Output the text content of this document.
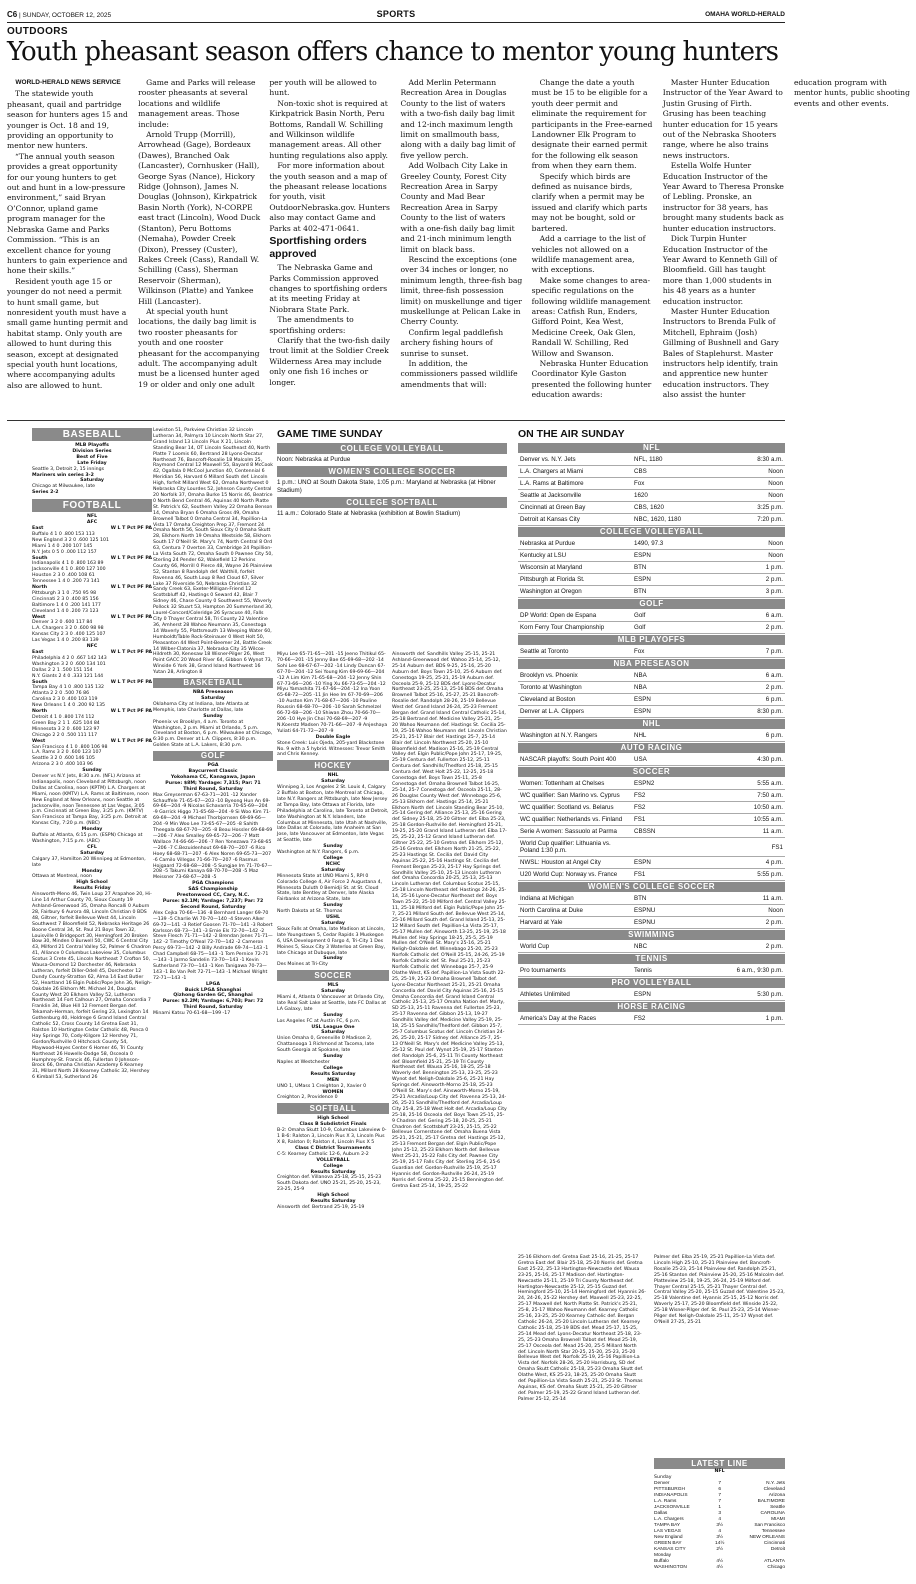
C6 | SUNDAY, OCTOBER 12, 2025	SPORTS	OMAHA WORLD-HERALD
OUTDOORS
Youth pheasant season offers chance to mentor young hunters

WORLD-HERALD NEWS SERVICE

The statewide youth pheasant, quail and partridge season for hunters ages 15 and younger is Oct. 18 and 19, providing an opportunity to mentor new hunters.

“The annual youth season provides a great opportunity for our young hunters to get out and hunt in a low-pressure environment,” said Bryan O’Connor, upland game program manager for the Nebraska Game and Parks Commission. “This is an excellent chance for young hunters to gain experience and hone their skills.”

Resident youth age 15 or younger do not need a permit to hunt small game, but nonresident youth must have a small game hunting permit and habitat stamp. Only youth are allowed to hunt during this season, except at designated special youth hunt locations, where accompanying adults also are allowed to hunt.

Game and Parks will release rooster pheasants at several locations and wildlife management areas. Those include:

Arnold Trupp (Morrill), Arrowhead (Gage), Bordeaux (Dawes), Branched Oak (Lancaster), Cornhusker (Hall), George Syas (Nance), Hickory Ridge (Johnson), James N. Douglas (Johnson), Kirkpatrick Basin North (York), N-CORPE east tract (Lincoln), Wood Duck (Stanton), Peru Bottoms (Nemaha), Powder Creek (Dixon), Pressey (Custer), Rakes Creek (Cass), Randall W. Schilling (Cass), Sherman Reservoir (Sherman), Wilkinson (Platte) and Yankee Hill (Lancaster).

At special youth hunt locations, the daily bag limit is two rooster pheasants for youth and one rooster pheasant for the accompanying adult. The accompanying adult must be a licensed hunter aged 19 or older and only one adult per youth will be allowed to hunt.

Non-toxic shot is required at Kirkpatrick Basin North, Peru Bottoms, Randall W. Schilling and Wilkinson wildlife management areas. All other hunting regulations also apply.

For more information about the youth season and a map of the pheasant release locations for youth, visit OutdoorNebraska.gov. Hunters also may contact Game and Parks at 402-471-0641.

Sportfishing orders approved

The Nebraska Game and Parks Commission approved changes to sportfishing orders at its meeting Friday at Niobrara State Park.

The amendments to sportfishing orders:

Clarify that the two-fish daily trout limit at the Soldier Creek Wilderness Area may include only one fish 16 inches or longer.

Add Merlin Petermann Recreation Area in Douglas County to the list of waters with a two-fish daily bag limit and 12-inch maximum length limit on smallmouth bass, along with a daily bag limit of five yellow perch.

Add Wolbach City Lake in Greeley County, Forest City Recreation Area in Sarpy County and Mad Bear Recreation Area in Sarpy County to the list of waters with a one-fish daily bag limit and 21-inch minimum length limit on black bass.

Rescind the exceptions (one over 34 inches or longer, no minimum length, three-fish bag limit, three-fish possession limit) on muskellunge and tiger muskellunge at Pelican Lake in Cherry County.

Confirm legal paddlefish archery fishing hours of sunrise to sunset.

In addition, the commissioners passed wildlife amendments that will:

Change the date a youth must be 15 to be eligible for a youth deer permit and eliminate the requirement for participants in the Free-earned Landowner Elk Program to designate their earned permit for the following elk season from when they earn them.

Specify which birds are defined as nuisance birds, clarify when a permit may be issued and clarify which parts may not be bought, sold or bartered.

Add a carriage to the list of vehicles not allowed on a wildlife management area, with exceptions.

Make some changes to area-specific regulations on the following wildlife management areas: Catfish Run, Enders, Gifford Point, Kea West, Medicine Creek, Oak Glen, Randall W. Schilling, Red Willow and Swanson.

Nebraska Hunter Education Coordinator Kyle Gaston presented the following hunter education awards:

Master Hunter Education Instructor of the Year Award to Justin Grusing of Firth. Grusing has been teaching hunter education for 15 years out of the Nebraska Shooters range, where he also trains news instructors.

Estella Wolfe Hunter Education Instructor of the Year Award to Theresa Pronske of Lebling. Pronske, an instructor for 38 years, has brought many students back as hunter education instructors.

Dick Turpin Hunter Education Instructor of the Year Award to Kenneth Gill of Bloomfield. Gill has taught more than 1,000 students in his 48 years as a hunter education instructor.

Master Hunter Education Instructors to Brenda Fulk of Mitchell, Ephraim (Josh) Gillming of Bushnell and Gary Bales of Staplehurst. Master instructors help identify, train and apprentice new hunter education instructors. They also assist the hunter education program with mentor hunts, public shooting events and other events.

BASEBALL
MLB Playoffs
Division Series
Best of Five
Late Friday
Seattle 3, Detroit 2, 15 innings
Mariners win series 3-2
Saturday
Chicago at Milwaukee, late
Series 2-2
FOOTBALL
NFL
AFC
East	W L T Pct PF PA
Buffalo 4 1 0 .800 153 113
New England 3 2 0 .600 125 101
Miami 1 4 0 .200 107 145
N.Y. Jets 0 5 0 .000 112 157
South	W L T Pct PF PA
Indianapolis 4 1 0 .800 163 89
Jacksonville 4 1 0 .800 127 100
Houston 2 3 0 .400 108 61
Tennessee 1 4 0 .200 73 141
North	W L T Pct PF PA
Pittsburgh 3 1 0 .750 95 98
Cincinnati 2 3 0 .400 85 156
Baltimore 1 4 0 .200 141 177
Cleveland 1 4 0 .200 73 123
West	W L T Pct PF PA
Denver 3 2 0 .600 117 84
L.A. Chargers 3 2 0 .600 98 98
Kansas City 2 3 0 .400 125 107
Las Vegas 1 4 0 .200 83 139
NFC
East	W L T Pct PF PA
Philadelphia 4 2 0 .667 142 143
Washington 3 2 0 .600 134 101
Dallas 2 2 1 .500 151 154
N.Y. Giants 2 4 0 .333 121 144
South	W L T Pct PF PA
Tampa Bay 4 1 0 .800 135 132
Atlanta 2 2 0 .500 76 86
Carolina 2 3 0 .400 103 119
New Orleans 1 4 0 .200 92 135
North	W L T Pct PF PA
Detroit 4 1 0 .800 174 112
Green Bay 2 1 1 .625 104 84
Minnesota 3 2 0 .600 123 97
Chicago 2 2 0 .500 111 117
West	W L T Pct PF PA
San Francisco 4 1 0 .800 106 98
L.A. Rams 3 2 0 .600 123 107
Seattle 3 2 0 .600 146 105
Arizona 2 3 0 .400 103 96
Sunday
Denver vs N.Y. Jets, 8:30 a.m. (NFL) Arizona at Indianapolis, noon Cleveland at Pittsburgh, noon Dallas at Carolina, noon (KPTM) L.A. Chargers at Miami, noon (KMTV) L.A. Rams at Baltimore, noon New England at New Orleans, noon Seattle at Jacksonville, noon Tennessee at Las Vegas, 3:05 p.m. Cincinnati at Green Bay, 3:25 p.m. (KMTV) San Francisco at Tampa Bay, 3:25 p.m. Detroit at Kansas City, 7:20 p.m. (NBC)
Monday
Buffalo at Atlanta, 6:15 p.m. (ESPN) Chicago at Washington, 7:15 p.m. (ABC)
CFL
Saturday
Calgary 37, Hamilton 20 Winnipeg at Edmonton, late
Monday
Ottawa at Montreal, noon
High School
Results Friday
Ainsworth-Meno 46, Twin Loup 27 Arapahoe 20, Hi-Line 14 Arthur County 70, Sioux County 19 Ashland-Greenwood 35, Omaha Roncalli 0 Auburn 28, Fairbury 6 Aurora 48, Lincoln Christian 0 BDS 48, Giltner, forfeit Bellevue West 44, Lincoln Southwest 7 Bloomfield 52, Nebraska Heritage 26 Boone Central 34, St. Paul 21 Boys Town 32, Louisville 0 Bridgeport 30, Hemingford 20 Broken Bow 30, Minden 0 Burwell 50, CWC 6 Central City 43, Milford 21 Central Valley 52, Palmer 6 Chadron 41, Alliance 0 Columbus Lakeview 35, Columbus Scotus 3 Crete 45, Lincoln Northeast 7 Crofton 50, Wausa-Osmond 12 Dorchester 46, Nebraska Lutheran, forfeit Diller-Odell 45, Dorchester 12 Dundy County-Stratton 62, Alma 14 East Butler 52, Heartland 16 Elgin Public/Pope John 36, Neligh-Oakdale 26 Elkhorn Mt. Michael 24, Douglas County West 20 Elkhorn Valley 52, Lutheran Northeast 14 Fort Calhoun 27, Omaha Concordia 7 Franklin 34, Blue Hill 12 Fremont Bergan def. Tekamah-Herman, forfeit Gering 23, Lexington 14 Gothenburg 40, Holdrege 6 Grand Island Central Catholic 52, Cross County 14 Gretna East 31, Ralston 10 Hartington Cedar Catholic 48, Ponca 0 Hay Springs 70, Cody-Kilgore 12 Hershey 71, Gordon/Rushville 0 Hitchcock County 54, Maywood-Hayes Center 6 Homer 46, Tri County Northeast 26 Howells-Dodge 58, Osceola 0 Humphrey-St. Francis 46, Fullerton 0 Johnson-Brock 66, Omaha Christian Academy 6 Kearney 31, Millard North 28 Kearney Catholic 32, Hershey 6 Kimball 53, Sutherland 26
Lewiston 51, Parkview Christian 32 Lincoln Lutheran 34, Palmyra 10 Lincoln North Star 27, Grand Island 13 Lincoln Pius X 21, Lincoln Standing Bear 14, OT Lincoln Southeast 40, North Platte 7 Loomis 60, Bertrand 28 Lyons-Decatur Northeast 76, Bancroft-Rosalie 18 Malcolm 25, Raymond Central 12 Maxwell 55, Bayard 8 McCook 42, Ogallala 0 McCool Junction 40, Centennial 6 Meridian 56, Harvard 6 Millard South def. Lincoln High, forfeit Millard West 62, Omaha Northwest 0 Nebraska City Lourdes 52, Johnson County Central 20 Norfolk 37, Omaha Burke 15 Norris 46, Beatrice 0 North Bend Central 46, Aquinas 40 North Platte St. Patrick's 62, Southern Valley 22 Omaha Benson 14, Omaha Bryan 6 Omaha Gross 49, Omaha Brownell Talbot 0 Omaha Central 34, Papillion-La Vista 17 Omaha Creighton Prep 37, Fremont 24 Omaha North 56, South Sioux City 0 Omaha Skutt 28, Elkhorn North 19 Omaha Westside 58, Elkhorn South 17 O'Neill St. Mary's 74, North Central 8 Ord 63, Centura 7 Overton 33, Cambridge 24 Papillion-La Vista South 72, Omaha South 0 Pawnee City 50, Sterling 24 Pender 62, Wakefield 12 Perkins County 66, Morrill 0 Pierce 48, Wayne 26 Plainview 52, Stanton 8 Randolph def. Walthill, forfeit Ravenna 46, South Loup 8 Red Cloud 67, Silver Lake 37 Riverside 50, Nebraska Christian 32 Sandy Creek 63, Exeter-Milligan-Friend 12 Scottsbluff 42, Hastings 0 Seward 42, Blair 7 Sidney 46, Chase County 0 Southwest 55, Waverly Pollock 32 Stuart 53, Hampton 20 Summerland 30, Laurel-Concord/Coleridge 26 Syracuse 40, Falls City 0 Thayer Central 58, Tri County 22 Valentine 36, Amherst 28 Wahoo Neumann 35, Conestoga 14 Waverly 55, Plattsmouth 13 Weeping Water 60, Humboldt/Table Rock-Steinauer 0 West Holt 50, Pleasanton 44 West Point-Beemer 24, Battle Creek 14 Wilber-Clatonia 37, Nebraska City 35 Wilcox-Hildreth 30, Kenesaw 18 Wisner-Pilger 26, West Point GACC 20 Wood River 64, Gibbon 6 Wynot 73, Winside 6 York 38, Grand Island Northwest 16 Yutan 28, Arlington 8
BASKETBALL
NBA Preseason
Saturday
Oklahoma City at Indiana, late Atlanta at Memphis, late Charlotte at Dallas, late
Sunday
Phoenix vs Brooklyn, 4 a.m. Toronto at Washington, 2 p.m. Miami at Orlando, 5 p.m. Cleveland at Boston, 6 p.m. Milwaukee at Chicago, 6:30 p.m. Denver at L.A. Clippers, 8:30 p.m. Golden State at L.A. Lakers, 8:30 p.m.
GOLF
PGA
Baycurrent Classic
Yokohama CC, Kanagawa, Japan
Purse: $8M; Yardage: 7,315; Par: 71
Third Round, Saturday
Max Greyserman 67-63-71—201 -12 Xander Schauffele 71-65-67—203 -10 Byeong Hun An 69-69-66—204 -9 Nicolas Echavarria 70-65-69—204 -9 Garrick Higgo 71-65-68—204 -9 Si Woo Kim 71-69-69—204 -9 Michael Thorbjornsen 69-69-66—204 -9 Min Woo Lee 73-65-67—205 -8 Sahith Theegala 68-67-70—205 -8 Beau Hossler 69-68-69—206 -7 Alex Smalley 69-65-72—206 -7 Matt Wallace 74-66-66—206 -7 Ren Yonezawa 73-68-65—206 -7 C.Bezuidenhout 69-68-70—207 -6 Rico Hoey 68-68-71—207 -6 Alex Noren 69-65-73—207 -6 Camilo Villegas 71-66-70—207 -6 Rasmus Hojgaard 72-68-68—208 -5 Sungjae Im 71-70-67—208 -5 Takumi Kanaya 68-70-70—208 -5 Maz Meissner 73-68-67—208 -5
PGA Champions
SAS Championship
Prestonwood CC, Cary, N.C.
Purse: $2.1M; Yardage: 7,237; Par: 72
Second Round, Saturday
Alex Cejka 70-66—136 -8 Bernhard Langer 69-70—139 -5 Charlie Wi 70-70—140 -4 Steven Alker 69-72—141 -3 Retief Goosen 71-70—141 -3 Robert Karlsson 68-73—141 -3 Ernie Els 72-70—142 -2 Steve Flesch 71-71—142 -2 Brendan Jones 71-71—142 -2 Timothy O'Neal 72-70—142 -2 Cameron Percy 69-73—142 -2 Billy Andrade 69-74—143 -1 Chad Campbell 68-75—143 -1 Tom Pernice 72-71—143 -1 Jarmo Sandelin 73-70—143 -1 Kevin Sutherland 73-70—143 -1 Ken Tanigawa 70-73—143 -1 Bo Van Pelt 72-71—143 -1 Michael Wright 72-71—143 -1
LPGA
Buick LPGA Shanghai
Qizhong Garden GC, Shanghai
Purse: $2.2M; Yardage: 6,703; Par: 72
Third Round, Saturday
Minami Katsu 70-61-68—199 -17
GAME TIME SUNDAY
COLLEGE VOLLEYBALL
Noon: Nebraska at Purdue
WOMEN'S COLLEGE SOCCER
1 p.m.: UNO at South Dakota State, 1:05 p.m.: Maryland at Nebraska (at Hibner Stadium)
COLLEGE SOFTBALL
11 a.m.: Colorado State at Nebraska (exhibition at Bowlin Stadium)
Miyu Lee 65-71-65—201 -15 Jeeno Thitikul 65-70-66—201 -15 Jenny Bae 65-69-68—202 -14 Sohi Lee 68-67-67—202 -14 Lindy Duncan 67-67-70—204 -12 Sei Young Kim 69-69-66—204 -12 A Lim Kim 71-65-68—204 -12 Jenny Shin 67-73-66—206 -10 Ying Xu 66-73-65—204 -12 Miyu Yamashita 71-67-66—204 -12 Ina Yoon 65-68-72—205 -11 Jin Hee Im 67-70-69—206 -10 Auston Kim 71-68-67—206 -10 Pauline Roussin 68-68-70—206 -10 Sarah Schmelzel 66-72-68—206 -10 Shiwan Zhou 70-66-70—206 -10 Hye Jin Choi 70-68-69—207 -9 N.Koerstz Madsen 70-71-66—207 -9 Anjeshaya Yuliati 64-71-72—207 -9
Double Eagle
Stone Creek: Luis Ojeda, 205-yard Blackstone No. 9 with a 5 hybrid. Witnesses: Trevor Smith and Chris Kenney.
HOCKEY
NHL
Saturday
Winnipeg 3, Los Angeles 2 St. Louis 4, Calgary 2 Buffalo at Boston, late Montreal at Chicago, late N.Y. Rangers at Pittsburgh, late New Jersey at Tampa Bay, late Ottawa at Florida, late Philadelphia at Carolina, late Toronto at Detroit, late Washington at N.Y. Islanders, late Columbus at Minnesota, late Utah at Nashville, late Dallas at Colorado, late Anaheim at San Jose, late Vancouver at Edmonton, late Vegas at Seattle, late
Sunday
Washington at N.Y. Rangers, 6 p.m.
College
NCHC
Saturday
Minnesota State at UNO Miami 5, RPI 0 Colorado College 4, Air Force 2 Augustana 4, Minnesota Duluth 0 Bemidji St. at St. Cloud State, late Bentley at Denver, late Alaska Fairbanks at Arizona State, late
Sunday
North Dakota at St. Thomas
USHL
Saturday
Sioux Falls at Omaha, late Madison at Lincoln, late Youngstown 5, Cedar Rapids 3 Muskegon 6, USA Development 0 Fargo 4, Tri-City 1 Des Moines 5, Sioux City 3 Waterloo at Green Bay, late Chicago at Dubuque, late
Sunday
Des Moines at Tri-City
SOCCER
MLS
Saturday
Miami 4, Atlanta 0 Vancouver at Orlando City, late Real Salt Lake at Seattle, late FC Dallas at LA Galaxy, late
Sunday
Los Angeles FC at Austin FC, 6 p.m.
USL League One
Saturday
Union Omaha 0, Greenville 0 Madison 2, Chattanooga 1 Richmond at Tacoma, late South Georgia at Spokane, late
Sunday
Naples at Westchester
College
Results Saturday
MEN
UNO 1, UMass 1 Creighton 2, Xavier 0
WOMEN
Creighton 2, Providence 0
SOFTBALL
High School
Class B Subdistrict Finals
B-2: Omaha Skutt 10-9, Columbus Lakeview 0-1 B-6: Ralston 3, Lincoln Pius X 3, Lincoln Pius X 8, Ralston 0; Ralston 4, Lincoln Pius X 5
Class C District Tournaments
C-5: Kearney Catholic 12-6, Auburn 2-2
VOLLEYBALL
College
Results Saturday
Creighton def. Villanova 25-18, 25-15, 25-23 South Dakota def. UNO 25-21, 25-20, 25-23, 23-25, 25-9
High School
Results Saturday
Ainsworth def. Bertrand 25-19, 25-19
Ainsworth def. Sandhills Valley 25-15, 25-21 Ashland-Greenwood def. Wahoo 25-14, 25-12, 25-14 Auburn def. BDS 9-25, 25-16, 25-20 Auburn def. Boys Town 25-10, 25-6 Auburn def. Conestoga 19-25, 25-21, 25-19 Auburn def. Osceola 25-9, 25-12 BDS def. Lyons-Decatur Northeast 23-25, 25-13, 25-16 BDS def. Omaha Brownell Talbot 25-16, 25-27, 25-21 Bancroft-Rosalie def. Randolph 28-26, 25-19 Bellevue West def. Grand Island 26-24, 25-23 Fremont Bergan def. Grand Island Central Catholic 25-14, 25-18 Bertrand def. Medicine Valley 25-21, 25-20 Wahoo Neumann def. Hastings St. Cecilia 25-19, 25-16 Wahoo Neumann def. Lincoln Christian 25-21, 25-17 Blair def. Hastings 25-7, 25-14 Blair def. Lincoln Northwest 25-20, 25-10 Bloomfield def. Madison 25-16, 25-19 Central Valley def. Elgin Public/Pope John 25-17, 19-25, 25-19 Centura def. Fullerton 25-12, 25-11 Centura def. Sandhills/Thedford 25-18, 25-15 Centura def. West Holt 25-22, 12-25, 25-18 Conestoga def. Boys Town 25-11, 25-8 Conestoga def. Omaha Brownell Talbot 16-25, 25-14, 25-7 Conestoga def. Osceola 25-11, 28-26 Douglas County West def. Winnebago 25-6, 25-13 Elkhorn def. Hastings 25-14, 25-21 Elkhorn North def. Lincoln Standing Bear 25-10, 25-14 Gering def. Alliance 25-13, 25-16 Gering def. Sidney 25-18, 25-20 Giltner def. Elba 25-23, 25-18 Gordon-Rushville def. Hemingford 25-21, 19-25, 25-20 Grand Island Lutheran def. Elba 17-25, 25-22, 25-12 Grand Island Lutheran def. Giltner 25-22, 25-10 Gretna def. Elkhorn 25-12, 25-16 Gretna def. Elkhorn North 21-25, 25-22, 25-23 Hastings St. Cecilia def. David City Aquinas 25-22, 25-16 Hastings St. Cecilia def. Fremont Bergan 25-23, 25-17 Hay Springs def. Sandhills Valley 25-10, 25-13 Lincoln Lutheran def. Omaha Concordia 20-25, 25-13, 25-13 Lincoln Lutheran def. Columbus Scotus 25-15, 25-18 Lincoln Northeast def. Hastings 24-26, 25-14, 25-16 Lyons-Decatur Northeast def. Boys Town 25-22, 25-10 Milford def. Central Valley 25-11, 25-18 Milford def. Elgin Public/Pope John 25-7, 25-21 Millard South def. Bellevue West 25-14, 25-16 Millard South def. Grand Island 25-13, 25-12 Millard South def. Papillion-La Vista 25-17, 25-17 Mullen def. Ainsworth 13-25, 25-19, 25-18 Mullen def. Hay Springs 18-25, 25-5, 25-19 Mullen def. O'Neill St. Mary's 25-16, 25-21 Neligh-Oakdale def. Winnebago 25-20, 25-23 Norfolk Catholic def. O'Neill 25-15, 24-26, 25-19 Norfolk Catholic def. St. Paul 25-21, 25-23 Norfolk Catholic def. Winnebago 25-7, 25-9 Olathe West, KS def. Papillion-La Vista South 22-25, 25-19, 25-23 Omaha Brownell Talbot def. Lyons-Decatur Northeast 25-21, 25-21 Omaha Concordia def. David City Aquinas 25-16, 25-15 Omaha Concordia def. Grand Island Central Catholic 25-13, 25-17 Omaha Nation def. Marty, SD 25-13, 25-11 Ravenna def. Fullerton 25-23, 25-17 Ravenna def. Gibbon 25-13, 19-27 Sandhills Valley def. Medicine Valley 25-19, 25-18, 25-15 Sandhills/Thedford def. Gibbon 25-7, 25-7 Columbus Scotus def. Lincoln Christian 24-26, 25-20, 25-17 Sidney def. Alliance 25-7, 25-13 O'Neill St. Mary's def. Medicine Valley 25-13, 25-12 St. Paul def. Wynot 25-19, 25-17 Stanton def. Randolph 25-6, 25-11 Tri County Northeast def. Bloomfield 25-21, 25-19 Tri County Northeast def. Wausa 25-16, 18-25, 25-18 Waverly def. Bennington 25-13, 23-25, 25-23 Wynot def. Neligh-Oakdale 25-6, 25-21 Hay Springs def. Ainsworth-Morno 25-18, 25-23 O'Neill St. Mary's def. Ainsworth-Morno 25-19, 25-21 Arcadia/Loup City def. Ravenna 25-13, 24-26, 25-21 Sandhills/Thedford def. Arcadia/Loup City 25-8, 25-18 West Holt def. Arcadia/Loup City 25-18, 25-16 Osceola def. Boys Town 25-15, 25-9 Chadron def. Gering 25-18, 20-25, 25-21 Chadron def. Scottsbluff 23-25, 25-15, 25-22 Bellevue Cornerstone def. Omaha Buena Vista 25-21, 25-21, 25-17 Gretna def. Hastings 25-12, 25-13 Fremont Bergan def. Elgin Public/Pope John 25-12, 25-23 Elkhorn North def. Bellevue West 25-21, 25-22 Falls City def. Pawnee City 25-19, 25-17 Falls City def. Sterling 25-6, 25-6 Guardian def. Gordon-Rushville 25-19, 25-17 Hyannis def. Gordon-Rushville 26-24, 25-19 Norris def. Gretna 25-22, 25-15 Bennington def. Gretna East 25-14, 19-25, 25-22
ON THE AIR SUNDAY
NFL
Denver vs. N.Y. Jets	NFL, 1180	8:30 a.m.
L.A. Chargers at Miami	CBS	Noon
L.A. Rams at Baltimore	Fox	Noon
Seattle at Jacksonville	1620	Noon
Cincinnati at Green Bay	CBS, 1620	3:25 p.m.
Detroit at Kansas City	NBC, 1620, 1180	7:20 p.m.
COLLEGE VOLLEYBALL
Nebraska at Purdue	1490, 97.3	Noon
Kentucky at LSU	ESPN	Noon
Wisconsin at Maryland	BTN	1 p.m.
Pittsburgh at Florida St.	ESPN	2 p.m.
Washington at Oregon	BTN	3 p.m.
GOLF
DP World: Open de Espana	Golf	6 a.m.
Korn Ferry Tour Championship	Golf	2 p.m.
MLB PLAYOFFS
Seattle at Toronto	Fox	7 p.m.
NBA PRESEASON
Brooklyn vs. Phoenix	NBA	6 a.m.
Toronto at Washington	NBA	2 p.m.
Cleveland at Boston	ESPN	6 p.m.
Denver at L.A. Clippers	ESPN	8:30 p.m.
NHL
Washington at N.Y. Rangers	NHL	6 p.m.
AUTO RACING
NASCAR playoffs: South Point 400	USA	4:30 p.m.
SOCCER
Women: Tottenham at Chelses	ESPN2	5:55 a.m.
WC qualifier: San Marino vs. Cyprus	FS2	7:50 a.m.
WC qualifier: Scotland vs. Belarus	FS2	10:50 a.m.
WC qualifier: Netherlands vs. Finland	FS1	10:55 a.m.
Serie A women: Sassuolo at Parma	CBSSN	11 a.m.
World Cup qualifier: Lithuania vs. Poland 1:30 p.m.		FS1
NWSL: Houston at Angel City	ESPN	4 p.m.
U20 World Cup: Norway vs. France	FS1	5:55 p.m.
WOMEN'S COLLEGE SOCCER
Indiana at Michigan	BTN	11 a.m.
North Carolina at Duke	ESPNU	Noon
Harvard at Yale	ESPNU	2 p.m.
SWIMMING
World Cup	NBC	2 p.m.
TENNIS
Pro tournaments	Tennis	6 a.m., 9:30 p.m.
PRO VOLLEYBALL
Athletes Unlimited	ESPN	5:30 p.m.
HORSE RACING
America's Day at the Races	FS2	1 p.m.
25-16 Elkhorn def. Gretna East 25-16, 21-25, 25-17 Gretna East def. Blair 25-18, 25-20 Norris def. Gretna East 25-22, 25-13 Hartington-Newcastle def. Wausa 23-25, 25-16, 25-17 Madison def. Hartington-Newcastle 25-11, 25-19 Tri County Northeast def. Hartington-Newcastle 25-12, 25-15 Guzad def. Hemingford 25-10, 25-14 Hemingford def. Hyannis 26-24, 24-26, 25-22 Hershey def. Maxwell 25-23, 22-25, 25-17 Maxwell def. North Platte St. Patrick's 25-21, 25-8, 25-17 Wahoo Neumann def. Kearney Catholic 25-16, 23-25, 25-20 Kearney Catholic def. Bergan Catholic 26-24, 25-20 Lincoln Lutheran def. Kearney Catholic 25-18, 25-19 BDS def. Mead 25-17, 15-25, 25-14 Mead def. Lyons-Decatur Northeast 25-18, 23-25, 25-23 Omaha Brownell Talbot def. Mead 25-19, 25-17 Osceola def. Mead 25-20, 25-5 Millard North def. Lincoln North Star 20-25, 25-20, 25-23, 25-20 Bellevue West def. Norfolk 25-19, 25-16 Papillion-La Vista def. Norfolk 28-26, 25-20 Harrisburg, SD def. Omaha Skutt Catholic 25-18, 25-23 Omaha Skutt def. Olathe West, KS 25-23, 18-25, 25-20 Omaha Skutt def. Papillion-La Vista South 25-21, 25-23 St. Thomas Aquinas, KS def. Omaha Skutt 25-21, 25-20 Giltner def. Palmer 25-19, 25-22 Grand Island Lutheran def. Palmer 25-12, 25-14
Palmer def. Elba 25-19, 25-21 Papillion-La Vista def. Lincoln High 25-10, 25-21 Plainview def. Bancroft-Rosalie 25-23, 25-14 Plainview def. Randolph 25-21, 25-16 Stanton def. Plainview 25-20, 25-16 Malcolm def. Platteview 25-18, 19-25, 26-24, 25-19 Milford def. Thayer Central 25-15, 25-21 Thayer Central def. Central Valley 25-20, 25-15 Guzad def. Valentine 25-23, 25-18 Valentine def. Hyannis 25-15, 25-12 Norris def. Waverly 25-17, 25-20 Bloomfield def. Winside 25-22, 25-18 Wisner-Pilger def. St. Paul 25-23, 25-14 Wisner-Pilger def. Neligh-Oakdale 25-11, 25-17 Wynot def. O'Neill 27-25, 25-21
LATEST LINE
NFL
Sunday
Denver	7	N.Y. Jets
PITTSBURGH	6	Cleveland
INDIANAPOLIS	7	Arizona
L.A. Rams	7	BALTIMORE
JACKSONVILLE	1	Seattle
Dallas	3	CAROLINA
L.A. Chargers	4	MIAMI
TAMPA BAY	3½	San Francisco
LAS VEGAS	4	Tennessee
New England	3½	NEW ORLEANS
GREEN BAY	14½	Cincinnati
KANSAS CITY	2½	Detroit
Monday		
Buffalo	4½	ATLANTA
WASHINGTON	4½	Chicago
